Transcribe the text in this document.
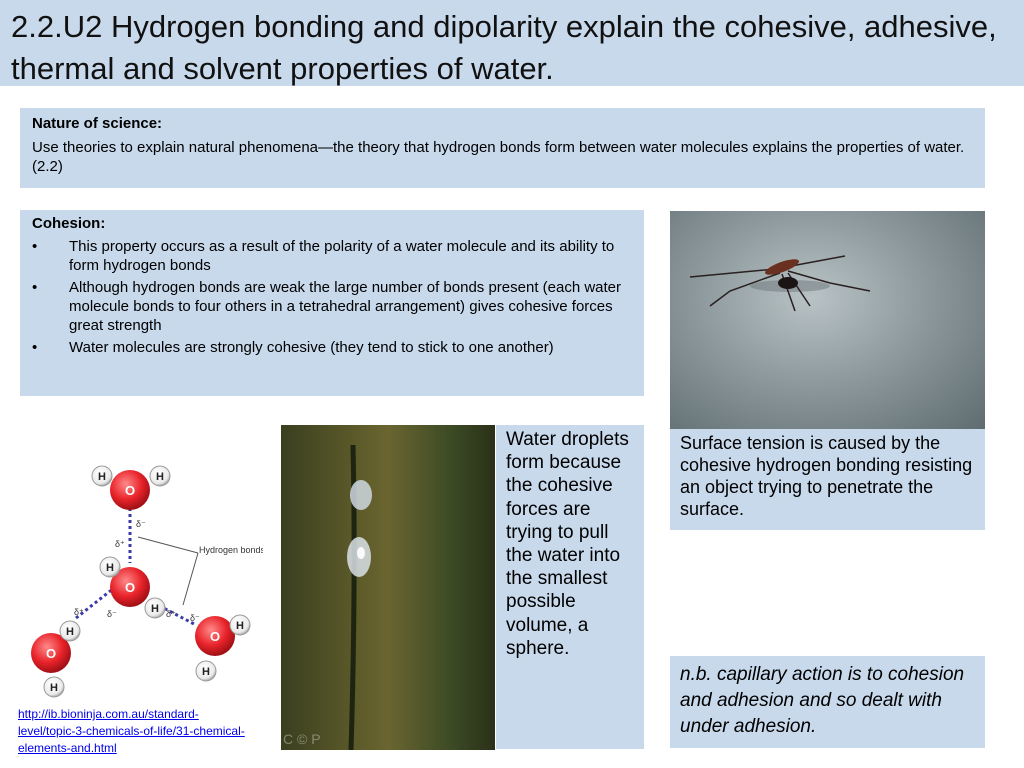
2.2.U2 Hydrogen bonding and dipolarity explain the cohesive, adhesive, thermal and solvent properties of water.
Nature of science:
Use theories to explain natural phenomena—the theory that hydrogen bonds form between water molecules explains the properties of water. (2.2)
Cohesion:
• This property occurs as a result of the polarity of a water molecule and its ability to form hydrogen bonds
• Although hydrogen bonds are weak the large number of bonds present (each water molecule bonds to four others in a tetrahedral arrangement) gives cohesive forces great strength
• Water molecules are strongly cohesive (they tend to stick to one another)
Surface tension is caused by the cohesive hydrogen bonding resisting an object trying to penetrate the surface.
C © P
Water droplets form because the cohesive forces are trying to pull the water into the smallest possible volume, a sphere.
n.b. capillary action is to cohesion and adhesion and so dealt with under adhesion.
δ⁻
δ⁺
δ⁺	δ⁻	δ⁺ δ⁻
Hydrogen bonds
H	H
O
O
H
H
O
H
H
O
H
H
http://ib.bioninja.com.au/standard-level/topic-3-chemicals-of-life/31-chemical-elements-and.html
